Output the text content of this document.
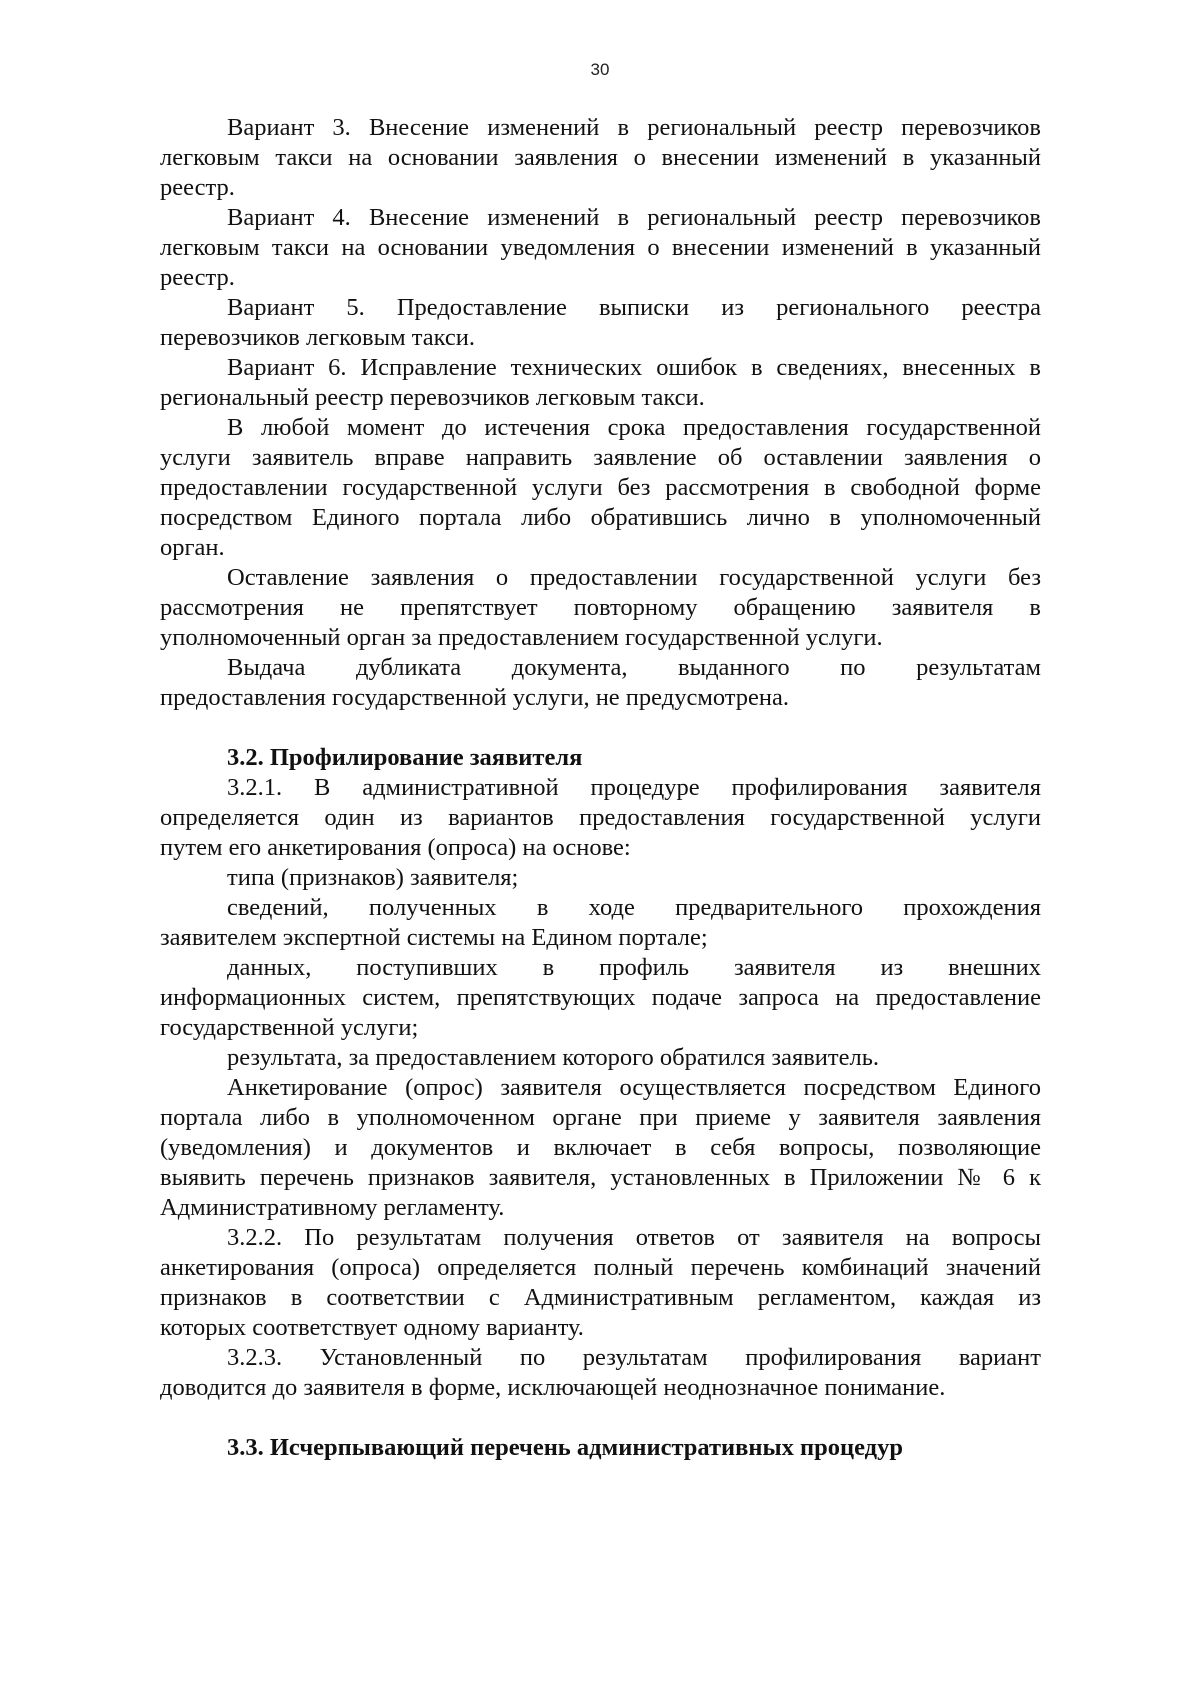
30
Вариант 3. Внесение изменений в региональный реестр перевозчиков
легковым такси на основании заявления о внесении изменений в указанный
реестр.
Вариант 4. Внесение изменений в региональный реестр перевозчиков
легковым такси на основании уведомления о внесении изменений в указанный
реестр.
Вариант 5. Предоставление выписки из регионального реестра
перевозчиков легковым такси.
Вариант 6. Исправление технических ошибок в сведениях, внесенных в
региональный реестр перевозчиков легковым такси.
В любой момент до истечения срока предоставления государственной
услуги заявитель вправе направить заявление об оставлении заявления о
предоставлении государственной услуги без рассмотрения в свободной форме
посредством Единого портала либо обратившись лично в уполномоченный
орган.
Оставление заявления о предоставлении государственной услуги без
рассмотрения не препятствует повторному обращению заявителя в
уполномоченный орган за предоставлением государственной услуги.
Выдача дубликата документа, выданного по результатам
предоставления государственной услуги, не предусмотрена.
3.2. Профилирование заявителя
3.2.1. В административной процедуре профилирования заявителя
определяется один из вариантов предоставления государственной услуги
путем его анкетирования (опроса) на основе:
типа (признаков) заявителя;
сведений, полученных в ходе предварительного прохождения
заявителем экспертной системы на Едином портале;
данных, поступивших в профиль заявителя из внешних
информационных систем, препятствующих подаче запроса на предоставление
государственной услуги;
результата, за предоставлением которого обратился заявитель.
Анкетирование (опрос) заявителя осуществляется посредством Единого
портала либо в уполномоченном органе при приеме у заявителя заявления
(уведомления) и документов и включает в себя вопросы, позволяющие
выявить перечень признаков заявителя, установленных в Приложении № 6 к
Административному регламенту.
3.2.2. По результатам получения ответов от заявителя на вопросы
анкетирования (опроса) определяется полный перечень комбинаций значений
признаков в соответствии с Административным регламентом, каждая из
которых соответствует одному варианту.
3.2.3. Установленный по результатам профилирования вариант
доводится до заявителя в форме, исключающей неоднозначное понимание.
3.3. Исчерпывающий перечень административных процедур
